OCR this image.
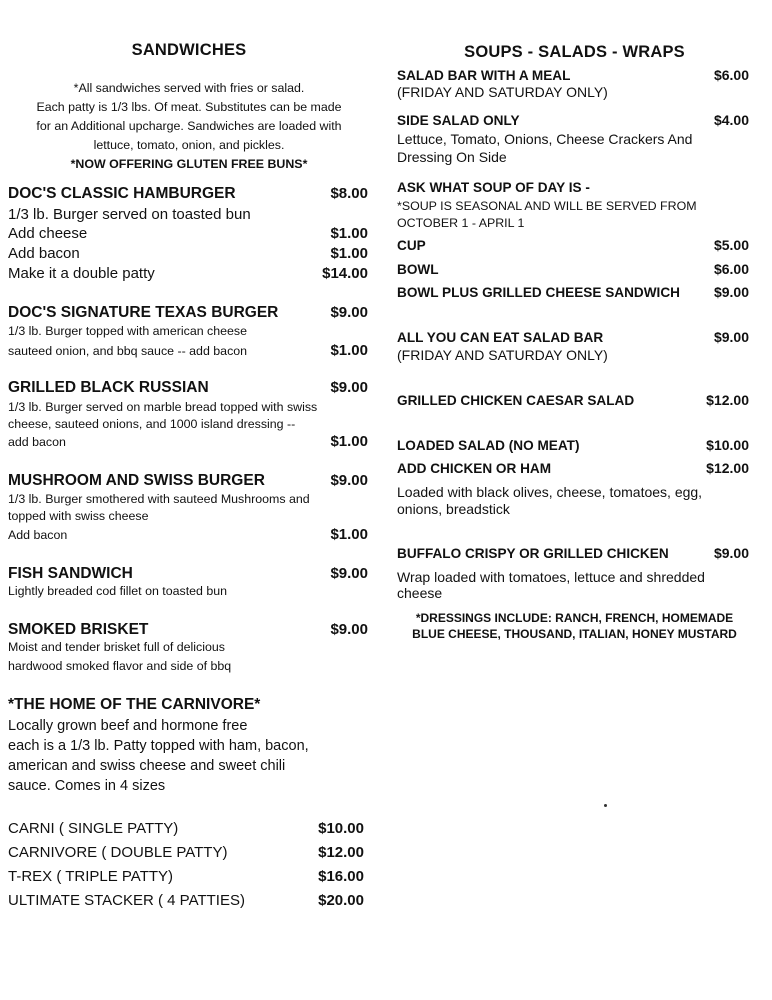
SANDWICHES
*All sandwiches served with fries or salad.
Each patty is 1/3 lbs. Of meat. Substitutes can be made
for an Additional upcharge. Sandwiches are loaded with
lettuce, tomato, onion, and pickles.
*NOW OFFERING GLUTEN FREE BUNS*
DOC'S CLASSIC HAMBURGER	$8.00
1/3 lb. Burger served on toasted bun
Add cheese	$1.00
Add bacon	$1.00
Make it a double patty	$14.00
DOC'S SIGNATURE TEXAS BURGER	$9.00
1/3 lb. Burger topped with american cheese
sauteed onion, and bbq sauce -- add bacon	$1.00
GRILLED BLACK RUSSIAN	$9.00
1/3 lb. Burger served on marble bread topped with swiss
cheese, sauteed onions, and 1000 island dressing --
add bacon	$1.00
MUSHROOM AND SWISS BURGER	$9.00
1/3 lb. Burger smothered with sauteed Mushrooms and
topped with swiss cheese
Add bacon	$1.00
FISH SANDWICH	$9.00
Lightly breaded cod fillet on toasted bun
SMOKED BRISKET	$9.00
Moist and tender brisket full of delicious
hardwood smoked flavor and side of bbq
*THE HOME OF THE CARNIVORE*
Locally grown beef and hormone free
each is a 1/3 lb. Patty topped with ham, bacon,
american and swiss cheese and sweet chili
sauce. Comes in 4 sizes
CARNI ( SINGLE PATTY)	$10.00
CARNIVORE ( DOUBLE PATTY)	$12.00
T-REX ( TRIPLE PATTY)	$16.00
ULTIMATE STACKER ( 4 PATTIES)	$20.00
SOUPS - SALADS - WRAPS
SALAD BAR WITH A MEAL	$6.00
(FRIDAY AND SATURDAY ONLY)
SIDE SALAD ONLY	$4.00
Lettuce, Tomato, Onions, Cheese Crackers And
Dressing On Side
ASK WHAT SOUP OF DAY IS -
*SOUP IS SEASONAL AND WILL BE SERVED FROM
OCTOBER 1 - APRIL 1
CUP	$5.00
BOWL	$6.00
BOWL PLUS GRILLED CHEESE SANDWICH $9.00
ALL YOU CAN EAT SALAD BAR	$9.00
(FRIDAY AND SATURDAY ONLY)
GRILLED CHICKEN CAESAR SALAD	$12.00
LOADED SALAD (NO MEAT)	$10.00
ADD CHICKEN OR HAM	$12.00
Loaded with black olives, cheese, tomatoes, egg,
onions, breadstick
BUFFALO CRISPY OR GRILLED CHICKEN	$9.00
Wrap loaded with tomatoes, lettuce and shredded
cheese
*DRESSINGS INCLUDE: RANCH, FRENCH, HOMEMADE
BLUE CHEESE, THOUSAND, ITALIAN, HONEY MUSTARD
